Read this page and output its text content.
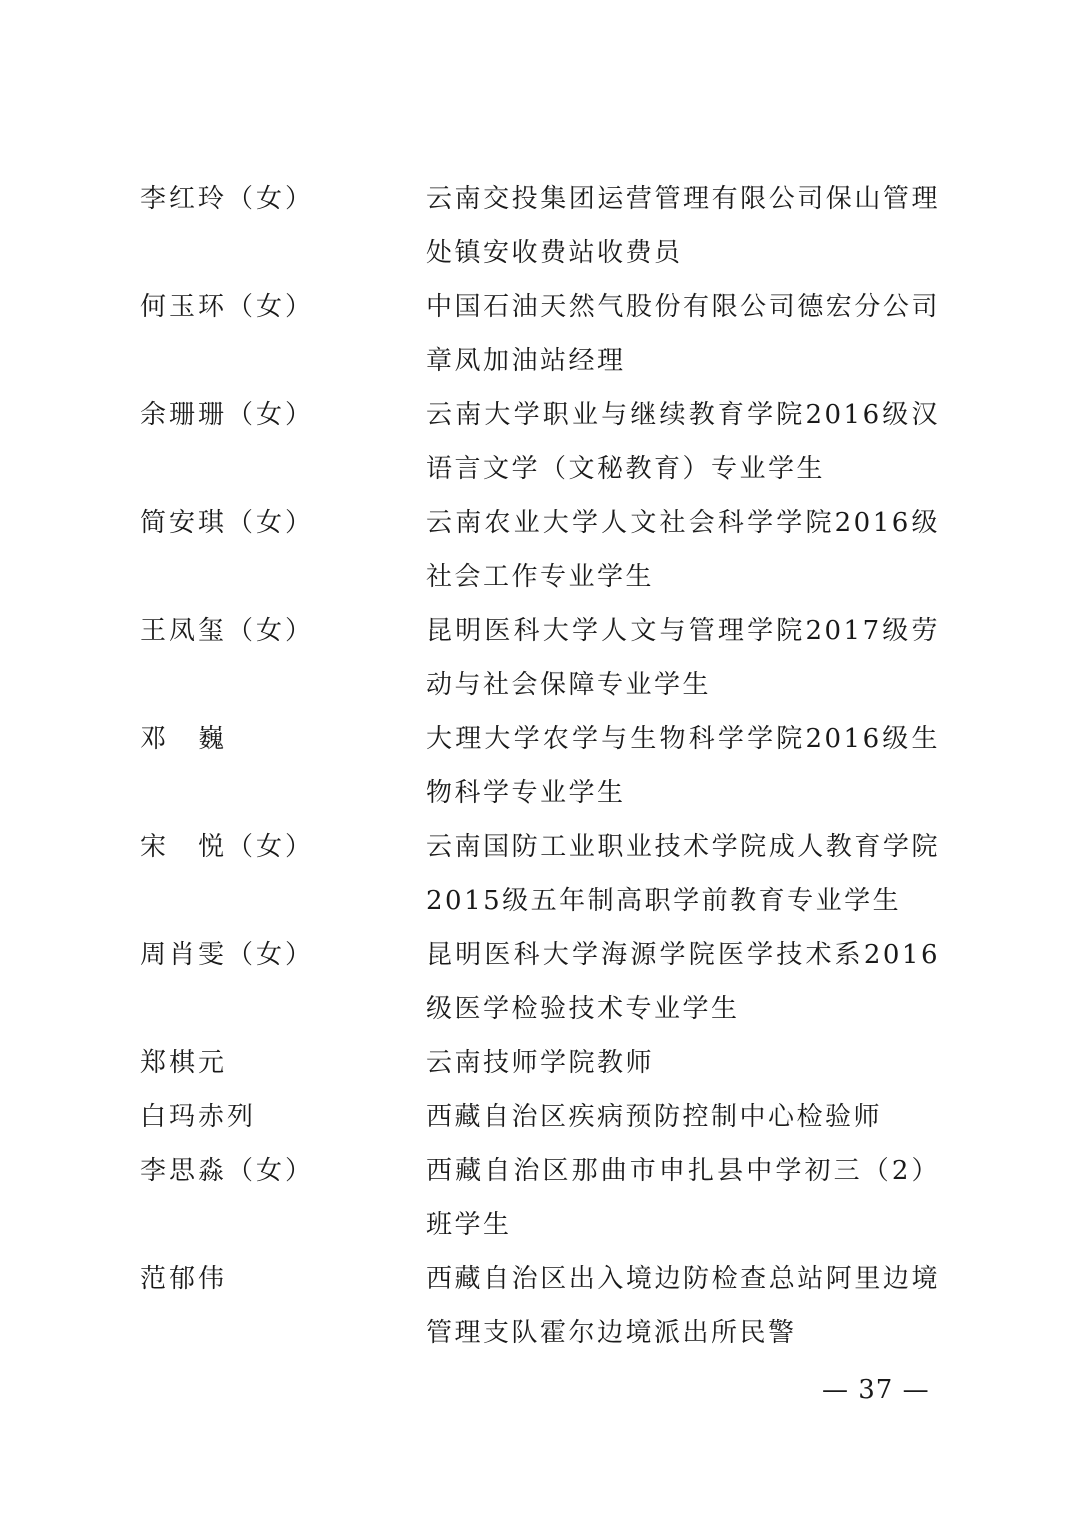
李红玲（女）	云南交投集团运营管理有限公司保山管理处镇安收费站收费员
何玉环（女）	中国石油天然气股份有限公司德宏分公司章凤加油站经理
余珊珊（女）	云南大学职业与继续教育学院2016级汉语言文学（文秘教育）专业学生
简安琪（女）	云南农业大学人文社会科学学院2016级社会工作专业学生
王凤玺（女）	昆明医科大学人文与管理学院2017级劳动与社会保障专业学生
邓　巍	大理大学农学与生物科学学院2016级生物科学专业学生
宋　悦（女）	云南国防工业职业技术学院成人教育学院2015级五年制高职学前教育专业学生
周肖雯（女）	昆明医科大学海源学院医学技术系2016级医学检验技术专业学生
郑棋元	云南技师学院教师
白玛赤列	西藏自治区疾病预防控制中心检验师
李思淼（女）	西藏自治区那曲市申扎县中学初三（2）班学生
范郁伟	西藏自治区出入境边防检查总站阿里边境管理支队霍尔边境派出所民警
— 37 —
